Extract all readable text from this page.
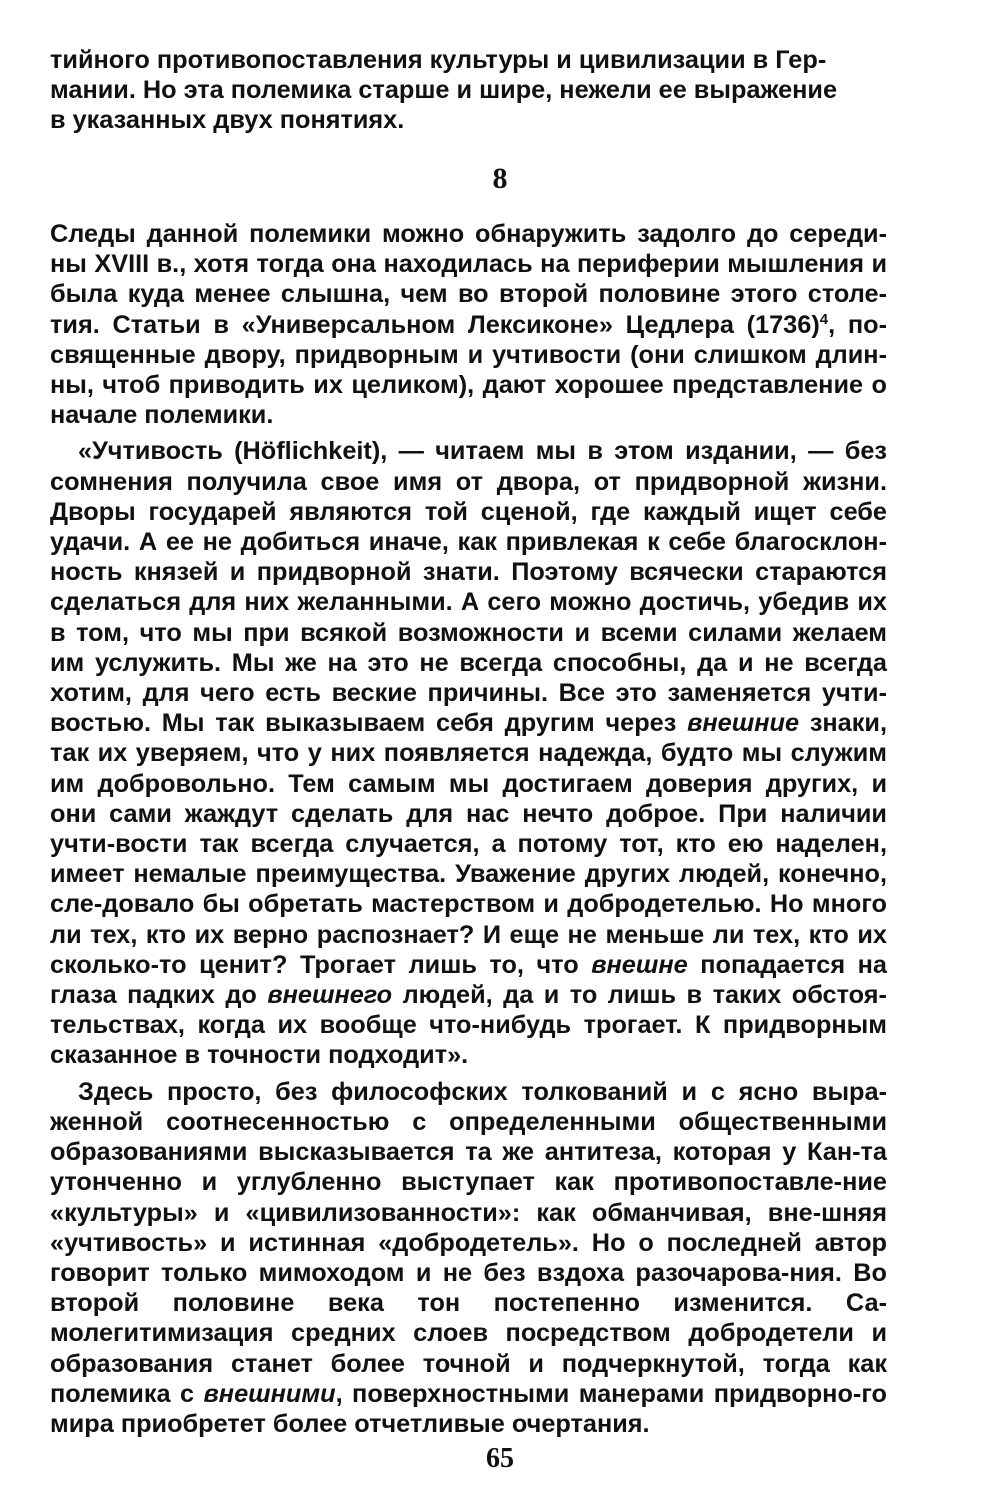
тийного противопоставления культуры и цивилизации в Гер-
мании. Но эта полемика старше и шире, нежели ее выражение
в указанных двух понятиях.
8

Следы данной полемики можно обнаружить задолго до середи-ны XVIII в., хотя тогда она находилась на периферии мышления и была куда менее слышна, чем во второй половине этого столе-тия. Статьи в «Универсальном Лексиконе» Цедлера $(1736)^4$, по-священные двору, придворным и учтивости (они слишком длин-ны, чтоб приводить их целиком), дают хорошее представление о начале полемики.

«Учтивость (Höflichkeit), — читаем мы в этом издании, — без сомнения получила свое имя от двора, от придворной жизни. Дворы государей являются той сценой, где каждый ищет себе удачи. А ее не добиться иначе, как привлекая к себе благосклон-ность князей и придворной знати. Поэтому всячески стараются сделаться для них желанными. А сего можно достичь, убедив их в том, что мы при всякой возможности и всеми силами желаем им услужить. Мы же на это не всегда способны, да и не всегда хотим, для чего есть веские причины. Все это заменяется учти-востью. Мы так выказываем себя другим через внешние знаки, так их уверяем, что у них появляется надежда, будто мы служим им добровольно. Тем самым мы достигаем доверия других, и они сами жаждут сделать для нас нечто доброе. При наличии учти-вости так всегда случается, а потому тот, кто ею наделен, имеет немалые преимущества. Уважение других людей, конечно, сле-довало бы обретать мастерством и добродетелью. Но много ли тех, кто их верно распознает? И еще не меньше ли тех, кто их сколько-то ценит? Трогает лишь то, что внешне попадается на глаза падких до внешнего людей, да и то лишь в таких обстоя-тельствах, когда их вообще что-нибудь трогает. К придворным сказанное в точности подходит».

Здесь просто, без философских толкований и с ясно выра-женной соотнесенностью с определенными общественными образованиями высказывается та же антитеза, которая у Кан-та утонченно и углубленно выступает как противопоставле-ние «культуры» и «цивилизованности»: как обманчивая, вне-шняя «учтивость» и истинная «добродетель». Но о последней автор говорит только мимоходом и не без вздоха разочарова-ния. Во второй половине века тон постепенно изменится. Са-молегитимизация средних слоев посредством добродетели и образования станет более точной и подчеркнутой, тогда как полемика с внешними, поверхностными манерами придворно-го мира приобретет более отчетливые очертания.

65
